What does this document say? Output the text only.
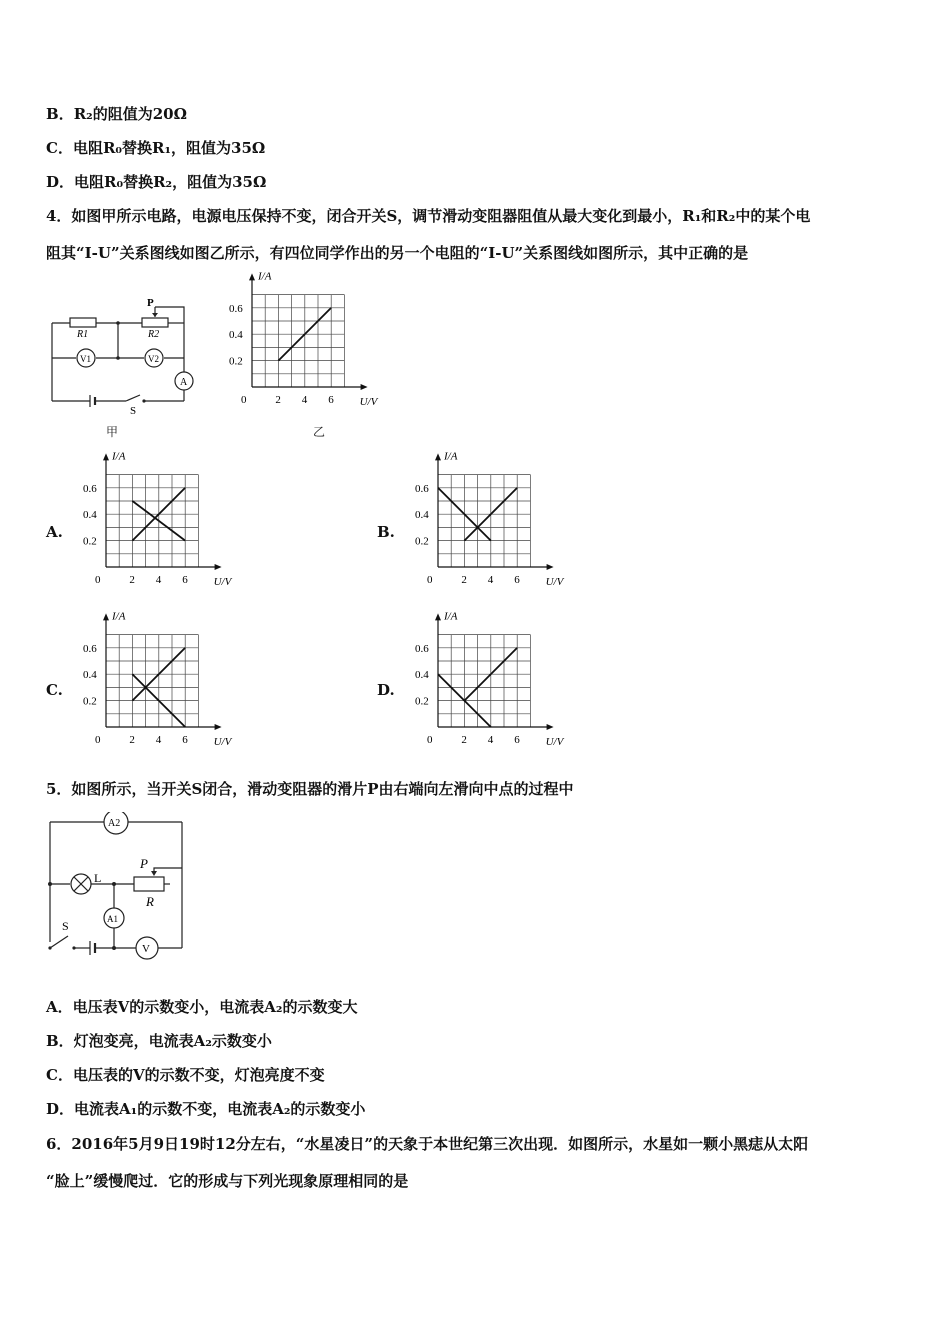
B．R₂的阻值为20Ω
C．电阻R₀替换R₁，阻值为35Ω
D．电阻R₀替换R₂，阻值为35Ω
4．如图甲所示电路，电源电压保持不变，闭合开关S，调节滑动变阻器阻值从最大变化到最小，R₁和R₂中的某个电
阻其“I-U”关系图线如图乙所示，有四位同学作出的另一个电阻的“I-U”关系图线如图所示，其中正确的是
P
R1	R2
V1	V2
A
S
甲
I/A
U/V
0	2 4 6
0.2
0.4
0.6
I/A
U/V
0	2 4 6
0.2
0.4
0.6
I/A
U/V
0	2 4 6
0.2
0.4
0.6
I/A
U/V
0	2 4 6
0.2
0.4
0.6
I/A
U/V
0	2 4 6
0.2
0.4
0.6
乙
A.	B.
C.	D.
5．如图所示，当开关S闭合，滑动变阻器的滑片P由右端向左滑向中点的过程中
A2
L
P
R
A1
S
V
A．电压表V的示数变小，电流表A₂的示数变大
B．灯泡变亮，电流表A₂示数变小
C．电压表的V的示数不变，灯泡亮度不变
D．电流表A₁的示数不变，电流表A₂的示数变小
6．2016年5月9日19时12分左右，“水星凌日”的天象于本世纪第三次出现．如图所示，水星如一颗小黑痣从太阳
“脸上”缓慢爬过．它的形成与下列光现象原理相同的是
